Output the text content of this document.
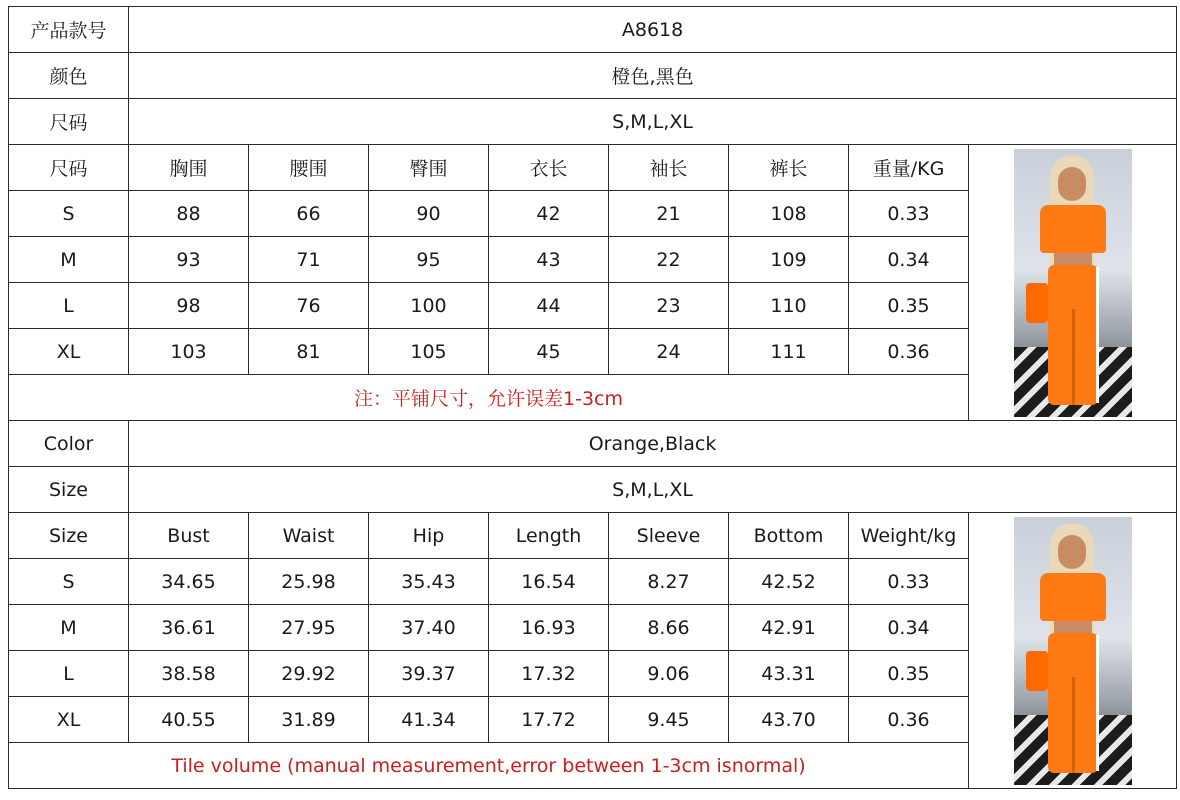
产品款号	A8618							
颜色	橙色,黑色							
尺码	S,M,L,XL							
尺码	胸围	腰围	臀围	衣长	袖长	裤长	重量/KG	

S	88	66	90	42	21	108	0.33	
M	93	71	95	43	22	109	0.34	
L	98	76	100	44	23	110	0.35	
XL	103	81	105	45	24	111	0.36	
注：平铺尺寸，允许误差1-3cm								
Color	Orange,Black							
Size	S,M,L,XL							
Size	Bust	Waist	Hip	Length	Sleeve	Bottom	Weight/kg	

S	34.65	25.98	35.43	16.54	8.27	42.52	0.33	
M	36.61	27.95	37.40	16.93	8.66	42.91	0.34	
L	38.58	29.92	39.37	17.32	9.06	43.31	0.35	
XL	40.55	31.89	41.34	17.72	9.45	43.70	0.36	
Tile volume (manual measurement,error between 1-3cm isnormal)								
